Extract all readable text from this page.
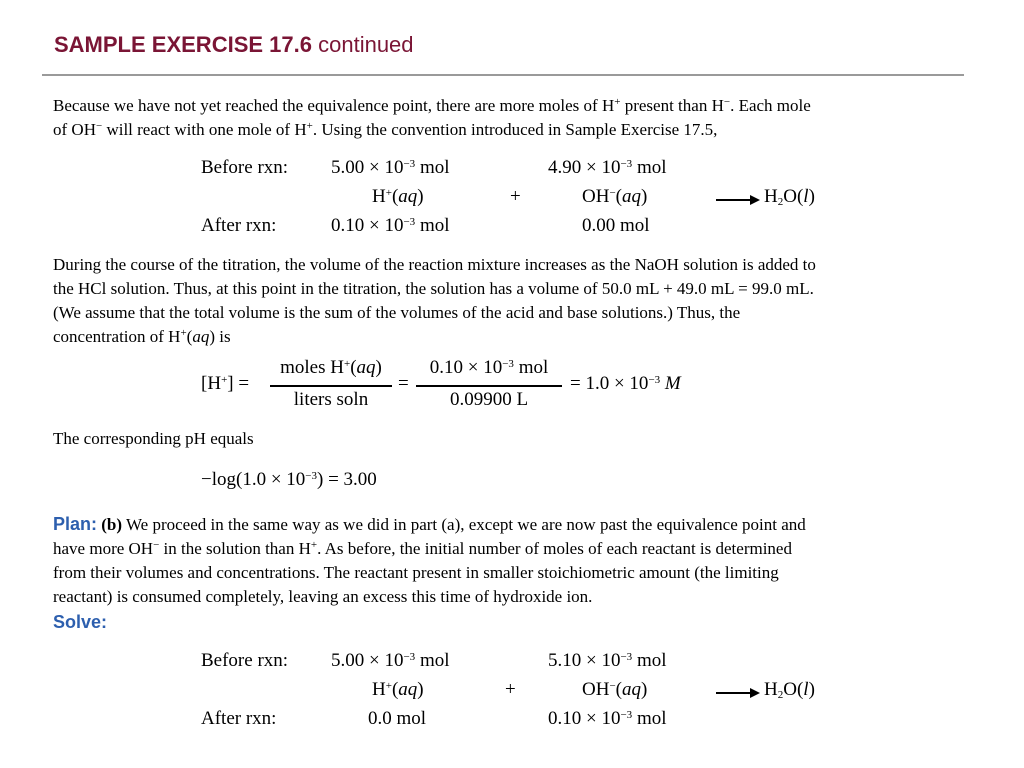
SAMPLE EXERCISE 17.6 continued

Because we have not yet reached the equivalence point, there are more moles of H+ present than H−. Each mole
of OH− will react with one mole of H+. Using the convention introduced in Sample Exercise 17.5,

Before rxn: $5.00 \times 10^{-3}$ mol	$4.90 \times 10^{-3}$ mol
H+(aq)	+	OH−(aq)	$H_2O(l)$
After rxn:	$0.10 \times 10^{-3}$ mol	0.00 mol

During the course of the titration, the volume of the reaction mixture increases as the NaOH solution is added to
the HCl solution. Thus, at this point in the titration, the solution has a volume of 50.0 mL + 49.0 mL = 99.0 mL.
(We assume that the total volume is the sum of the volumes of the acid and base solutions.) Thus, the
concentration of H+(aq) is

[H+] =
moles H+(aq)
liters soln
=
$0.10 \times 10^{-3}$ mol
0.09900 L
= $1.0 \times 10^{-3}$ M

The corresponding pH equals

$-\log(1.0 \times 10^{-3}) = 3.00$

Plan: (b) We proceed in the same way as we did in part (a), except we are now past the equivalence point and
have more OH− in the solution than H+. As before, the initial number of moles of each reactant is determined
from their volumes and concentrations. The reactant present in smaller stoichiometric amount (the limiting
reactant) is consumed completely, leaving an excess this time of hydroxide ion.

Solve:
Before rxn: $5.00 \times 10^{-3}$ mol	$5.10 \times 10^{-3}$ mol
H+(aq)	+	OH−(aq)	$H_2O(l)$
After rxn:	0.0 mol	$0.10 \times 10^{-3}$ mol
